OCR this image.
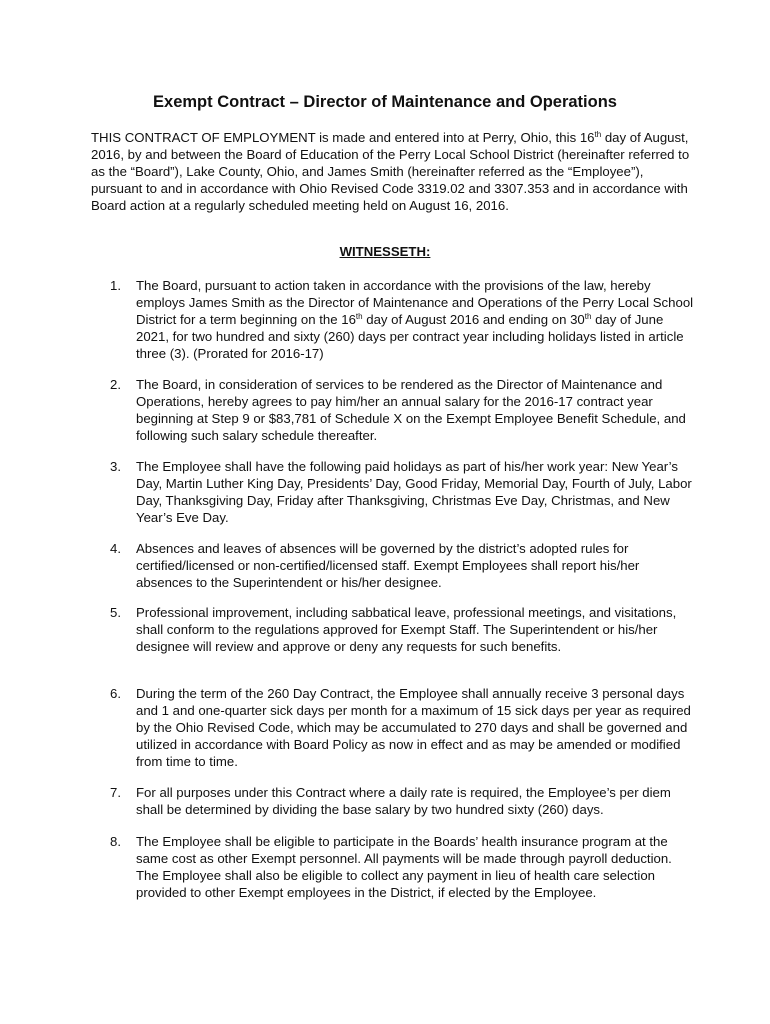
Exempt Contract – Director of Maintenance and Operations
THIS CONTRACT OF EMPLOYMENT is made and entered into at Perry, Ohio, this 16th day of August, 2016, by and between the Board of Education of the Perry Local School District (hereinafter referred to as the “Board”), Lake County, Ohio, and James Smith (hereinafter referred as the “Employee”), pursuant to and in accordance with Ohio Revised Code 3319.02 and 3307.353 and in accordance with Board action at a regularly scheduled meeting held on August 16, 2016.
WITNESSETH:
1. The Board, pursuant to action taken in accordance with the provisions of the law, hereby employs James Smith as the Director of Maintenance and Operations of the Perry Local School District for a term beginning on the 16th day of August 2016 and ending on 30th day of June 2021, for two hundred and sixty (260) days per contract year including holidays listed in article three (3). (Prorated for 2016-17)
2. The Board, in consideration of services to be rendered as the Director of Maintenance and Operations, hereby agrees to pay him/her an annual salary for the 2016-17 contract year beginning at Step 9 or $83,781 of Schedule X on the Exempt Employee Benefit Schedule, and following such salary schedule thereafter.
3. The Employee shall have the following paid holidays as part of his/her work year: New Year’s Day, Martin Luther King Day, Presidents’ Day, Good Friday, Memorial Day, Fourth of July, Labor Day, Thanksgiving Day, Friday after Thanksgiving, Christmas Eve Day, Christmas, and New Year’s Eve Day.
4. Absences and leaves of absences will be governed by the district’s adopted rules for certified/licensed or non-certified/licensed staff. Exempt Employees shall report his/her absences to the Superintendent or his/her designee.
5. Professional improvement, including sabbatical leave, professional meetings, and visitations, shall conform to the regulations approved for Exempt Staff. The Superintendent or his/her designee will review and approve or deny any requests for such benefits.
6. During the term of the 260 Day Contract, the Employee shall annually receive 3 personal days and 1 and one-quarter sick days per month for a maximum of 15 sick days per year as required by the Ohio Revised Code, which may be accumulated to 270 days and shall be governed and utilized in accordance with Board Policy as now in effect and as may be amended or modified from time to time.
7. For all purposes under this Contract where a daily rate is required, the Employee’s per diem shall be determined by dividing the base salary by two hundred sixty (260) days.
8. The Employee shall be eligible to participate in the Boards’ health insurance program at the same cost as other Exempt personnel. All payments will be made through payroll deduction. The Employee shall also be eligible to collect any payment in lieu of health care selection provided to other Exempt employees in the District, if elected by the Employee.
